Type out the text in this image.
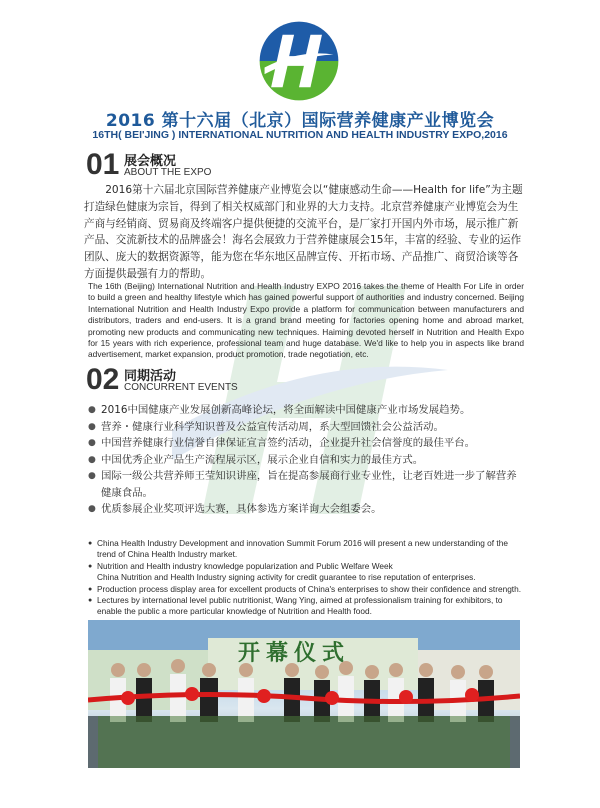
2016 第十六届（北京）国际营养健康产业博览会
16TH( BEI'JING ) INTERNATIONAL NUTRITION AND HEALTH INDUSTRY EXPO,2016
01 展会概况
ABOUT THE EXPO

2016第十六届北京国际营养健康产业博览会以“健康感动生命——Health for life”为主题打造绿色健康为宗旨，得到了相关权威部门和业界的大力支持。北京营养健康产业博览会为生产商与经销商、贸易商及终端客户提供便捷的交流平台，是厂家打开国内外市场，展示推广新产品、交流新技术的品牌盛会！海名会展致力于营养健康展会15年，丰富的经验、专业的运作团队、庞大的数据资源等，能为您在华东地区品牌宣传、开拓市场、产品推广、商贸洽谈等各方面提供最强有力的帮助。

The 16th (Beijing) International Nutrition and Health Industry EXPO 2016 takes the theme of Health For Life in order to build a green and healthy lifestyle which has gained powerful support of authorities and industry concerned. Beijing International Nutrition and Health Industry Expo provide a platform for communication between manufacturers and distributors, traders and end-users. It is a grand brand meeting for factories opening home and abroad market, promoting new products and communicating new techniques. Haiming devoted herself in Nutrition and Health Expo for 15 years with rich experience, professional team and huge database. We'd like to help you in aspects like brand advertisement, market expansion, product promotion, trade negotiation, etc.

02 同期活动
CONCURRENT EVENTS
● 2016中国健康产业发展创新高峰论坛，将全面解读中国健康产业市场发展趋势。
● 营养・健康行业科学知识普及公益宣传活动周，系大型回馈社会公益活动。
● 中国营养健康行业信誉自律保证宣言签约活动，企业提升社会信誉度的最佳平台。
● 中国优秀企业产品生产流程展示区，展示企业自信和实力的最佳方式。
● 国际一级公共营养师王莹知识讲座，旨在提高参展商行业专业性，让老百姓进一步了解营养健康食品。
● 优质参展企业奖项评选大赛，具体参选方案详询大会组委会。
● China Health Industry Development and innovation Summit Forum 2016 will present a new understanding of the trend of China Health Industry market.
● Nutrition and Health industry knowledge popularization and Public Welfare Week
China Nutrition and Health Industry signing activity for credit guarantee to rise reputation of enterprises.
● Production process display area for excellent products of China's enterprises to show their confidence and strength.
● Lectures by international level public nutritionist, Wang Ying, aimed at professionalism training for exhibitors, to enable the public a more particular knowledge of Nutrition and Health food.
●
开幕仪式
